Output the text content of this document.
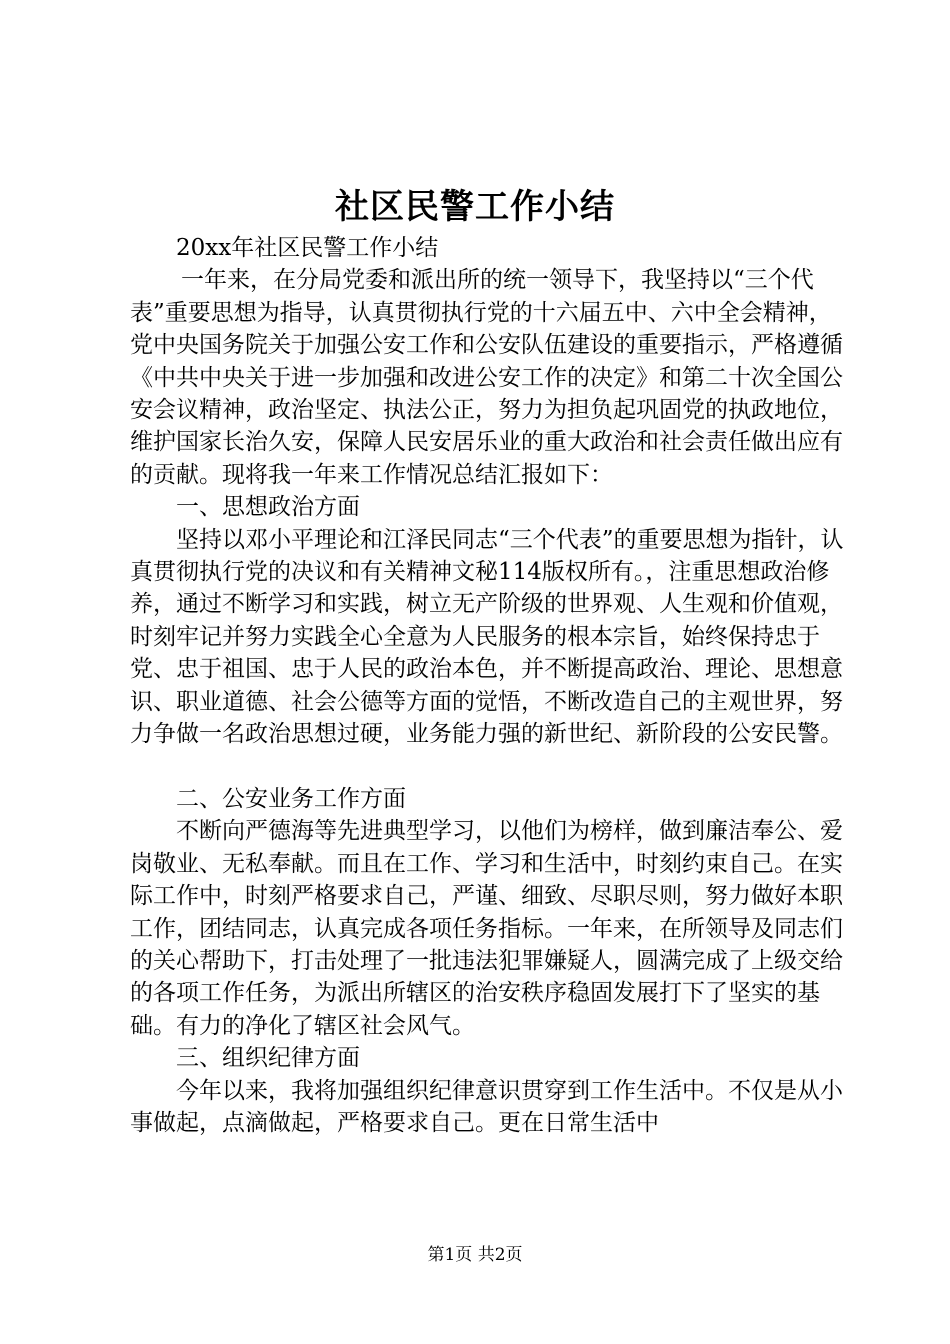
社区民警工作小结

20xx年社区民警工作小结

一年来，在分局党委和派出所的统一领导下，我坚持以“三个代表”重要思想为指导，认真贯彻执行党的十六届五中、六中全会精神，党中央国务院关于加强公安工作和公安队伍建设的重要指示，严格遵循《中共中央关于进一步加强和改进公安工作的决定》和第二十次全国公安会议精神，政治坚定、执法公正，努力为担负起巩固党的执政地位，维护国家长治久安，保障人民安居乐业的重大政治和社会责任做出应有的贡献。现将我一年来工作情况总结汇报如下：

一、思想政治方面

坚持以邓小平理论和江泽民同志“三个代表”的重要思想为指针，认真贯彻执行党的决议和有关精神文秘114版权所有。，注重思想政治修养，通过不断学习和实践，树立无产阶级的世界观、人生观和价值观，时刻牢记并努力实践全心全意为人民服务的根本宗旨，始终保持忠于党、忠于祖国、忠于人民的政治本色，并不断提高政治、理论、思想意识、职业道德、社会公德等方面的觉悟，不断改造自己的主观世界，努力争做一名政治思想过硬，业务能力强的新世纪、新阶段的公安民警。

二、公安业务工作方面

不断向严德海等先进典型学习，以他们为榜样，做到廉洁奉公、爱岗敬业、无私奉献。而且在工作、学习和生活中，时刻约束自己。在实际工作中，时刻严格要求自己，严谨、细致、尽职尽则，努力做好本职工作，团结同志，认真完成各项任务指标。一年来，在所领导及同志们的关心帮助下，打击处理了一批违法犯罪嫌疑人，圆满完成了上级交给的各项工作任务，为派出所辖区的治安秩序稳固发展打下了坚实的基础。有力的净化了辖区社会风气。

三、组织纪律方面

今年以来，我将加强组织纪律意识贯穿到工作生活中。不仅是从小事做起，点滴做起，严格要求自己。更在日常生活中

第1页 共2页
